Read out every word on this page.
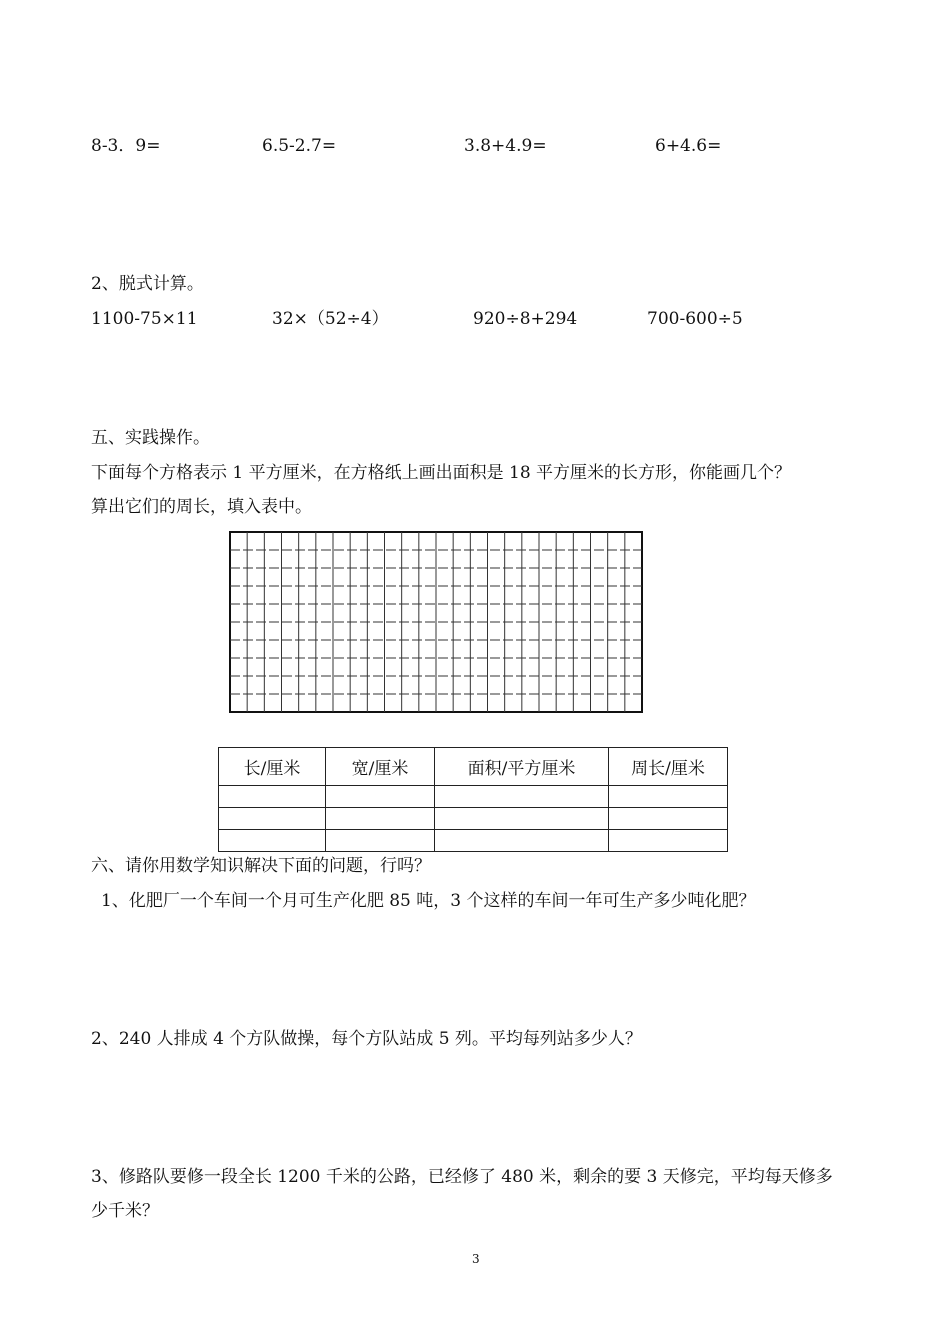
8-3．9=	6.5-2.7=	3.8+4.9=	6+4.6=
2、脱式计算。
1100-75×11	32×（52÷4）	920÷8+294	700-600÷5
五、实践操作。
下面每个方格表示 1 平方厘米，在方格纸上画出面积是 18 平方厘米的长方形，你能画几个？
算出它们的周长，填入表中。
长/厘米	宽/厘米	面积/平方厘米	周长/厘米

六、请你用数学知识解决下面的问题，行吗？
1、化肥厂一个车间一个月可生产化肥 85 吨，3 个这样的车间一年可生产多少吨化肥？
2、240 人排成 4 个方队做操，每个方队站成 5 列。平均每列站多少人？
3、修路队要修一段全长 1200 千米的公路，已经修了 480 米，剩余的要 3 天修完，平均每天修多
少千米？
3
